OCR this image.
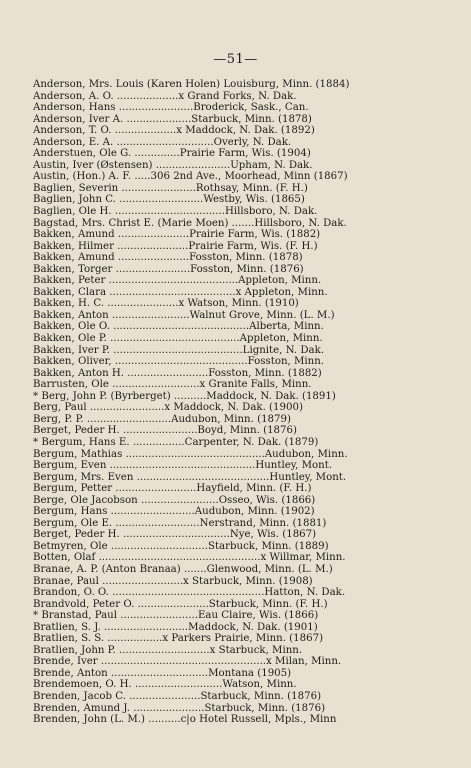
—51—
Anderson, Mrs. Louis (Karen Holen) Louisburg, Minn. (1884)
Anderson, A. O. ...................x Grand Forks, N. Dak.
Anderson, Hans .......................Broderick, Sask., Can.
Anderson, Iver A. ....................Starbuck, Minn. (1878)
Anderson, T. O. ...................x Maddock, N. Dak. (1892)
Anderson, E. A. ..............................Overly, N. Dak.
Anderstuen, Ole G. ..............Prairie Farm, Wis. (1904)
Austin, Iver (Østensen) .......................Upham, N. Dak.
Austin, (Hon.) A. F. .....306 2nd Ave., Moorhead, Minn (1867)
Baglien, Severin .......................Rothsay, Minn. (F. H.)
Baglien, John C. ..........................Westby, Wis. (1865)
Baglien, Ole H. ..................................Hillsboro, N. Dak.
Bagstad, Mrs. Christ E. (Marie Moen) .......Hillsboro, N. Dak.
Bakken, Amund ......................Prairie Farm, Wis. (1882)
Bakken, Hilmer ......................Prairie Farm, Wis. (F. H.)
Bakken, Amund ......................Fosston, Minn. (1878)
Bakken, Torger .......................Fosston, Minn. (1876)
Bakken, Peter ........................................Appleton, Minn.
Bakken, Clara .......................................x Appleton, Minn.
Bakken, H. C. ......................x Watson, Minn. (1910)
Bakken, Anton ........................Walnut Grove, Minn. (L. M.)
Bakken, Ole O. ..........................................Alberta, Minn.
Bakken, Ole P. ........................................Appleton, Minn.
Bakken, Iver P. ........................................Lignite, N. Dak.
Bakken, Oliver, .........................................Fosston, Minn.
Bakken, Anton H. .........................Fosston, Minn. (1882)
Barrusten, Ole ...........................x Granite Falls, Minn.
* Berg, John P. (Byrberget) ..........Maddock, N. Dak. (1891)
Berg, Paul .......................x Maddock, N. Dak. (1900)
Berg, P. P. ..........................Audubon, Minn. (1879)
Berget, Peder H. .......................Boyd, Minn. (1876)
* Bergum, Hans E. ................Carpenter, N. Dak. (1879)
Bergum, Mathias ...........................................Audubon, Minn.
Bergum, Even .............................................Huntley, Mont.
Bergum, Mrs. Even .........................................Huntley, Mont.
Bergum, Petter .........................Hayfield, Minn. (F. H.)
Berge, Ole Jacobson ........................Osseo, Wis. (1866)
Bergum, Hans ..........................Audubon, Minn. (1902)
Bergum, Ole E. ..........................Nerstrand, Minn. (1881)
Berget, Peder H. .................................Nye, Wis. (1867)
Betmyren, Ole ..............................Starbuck, Minn. (1889)
Botten, Olaf ..................................................x Willmar, Minn.
Branae, A. P. (Anton Branaa) .......Glenwood, Minn. (L. M.)
Branae, Paul .........................x Starbuck, Minn. (1908)
Brandon, O. O. ...............................................Hatton, N. Dak.
Brandvold, Peter O. ......................Starbuck, Minn. (F. H.)
* Branstad, Paul ........................Eau Claire, Wis. (1866)
Bratlien, S. J. ..........................Maddock, N. Dak. (1901)
Bratlien, S. S. .................x Parkers Prairie, Minn. (1867)
Bratlien, John P. ............................x Starbuck, Minn.
Brende, Iver ...................................................x Milan, Minn.
Brende, Anton ..............................Montana (1905)
Brendemoen, O. H. ...........................Watson, Minn.
Brenden, Jacob C. ......................Starbuck, Minn. (1876)
Brenden, Amund J. ......................Starbuck, Minn. (1876)
Brenden, John (L. M.) ..........c|o Hotel Russell, Mpls., Minn
